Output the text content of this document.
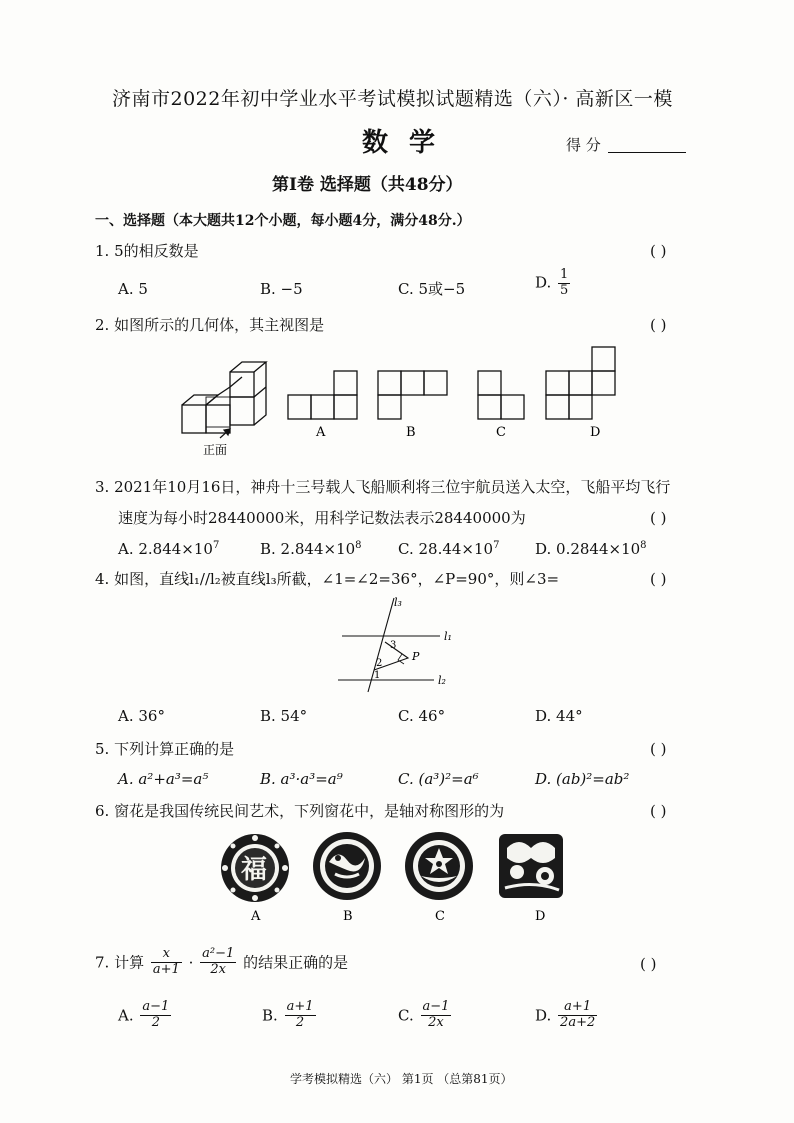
济南市2022年初中学业水平考试模拟试题精选（六）· 高新区一模
数 学	得 分
第Ⅰ卷 选择题（共48分）
一、选择题（本大题共12个小题，每小题4分，满分48分.）
1. 5的相反数是	( )
A. 5	B. −5	C. 5或−5	D. $\frac{1}{5}$
2. 如图所示的几何体，其主视图是	( )
正面
A	B	C	D
3. 2021年10月16日，神舟十三号载人飞船顺利将三位宇航员送入太空，飞船平均飞行
速度为每小时28440000米，用科学记数法表示28440000为	( )
A. $2.844\times 10^7$	B. $2.844\times 10^8$ C. $28.44\times 10^7$ D. $0.2844\times 10^8$
4. 如图，直线l₁//l₂被直线l₃所截，∠1=∠2=36°，∠P=90°，则∠3=	( )
l₃
l₁
l₂
P
3
2
1
A. 36°	B. 54°	C. 46°	D. 44°
5. 下列计算正确的是	( )
A. a²+a³=a⁵	B. a³·a³=a⁹	C. (a³)²=a⁶	D. (ab)²=ab²
6. 窗花是我国传统民间艺术，下列窗花中，是轴对称图形的为	( )
福
A	B	C	D
7. 计算 $\frac{x}{a+1} \cdot \frac{\text{a²−1}}{2x}$ 的结果正确的是	( )
A. $\frac{a-1}{2}$	B. $\frac{a+1}{2}$	C. $\frac{a-1}{2x}$	D. $\frac{a+1}{2a+2}$
学考模拟精选（六） 第1页 （总第81页）
